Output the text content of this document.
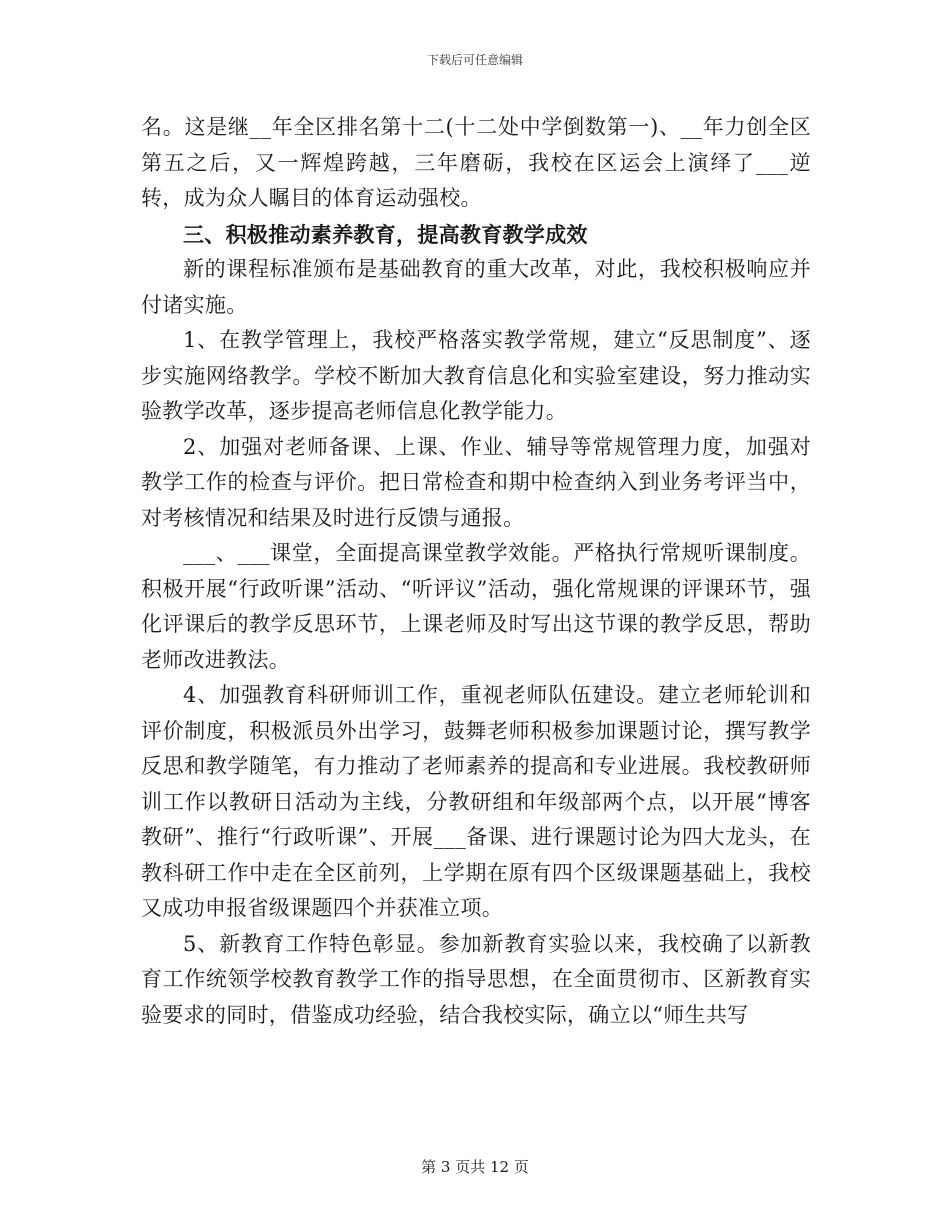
下载后可任意编辑

名。这是继__年全区排名第十二(十二处中学倒数第一)、__年力创全区第五之后，又一辉煌跨越，三年磨砺，我校在区运会上演绎了___逆转，成为众人瞩目的体育运动强校。

三、积极推动素养教育，提高教育教学成效

新的课程标准颁布是基础教育的重大改革，对此，我校积极响应并付诸实施。

1、在教学管理上，我校严格落实教学常规，建立“反思制度”、逐步实施网络教学。学校不断加大教育信息化和实验室建设，努力推动实验教学改革，逐步提高老师信息化教学能力。

2、加强对老师备课、上课、作业、辅导等常规管理力度，加强对教学工作的检查与评价。把日常检查和期中检查纳入到业务考评当中，对考核情况和结果及时进行反馈与通报。

___、___课堂，全面提高课堂教学效能。严格执行常规听课制度。积极开展“行政听课”活动、“听评议”活动，强化常规课的评课环节，强化评课后的教学反思环节，上课老师及时写出这节课的教学反思，帮助老师改进教法。

4、加强教育科研师训工作，重视老师队伍建设。建立老师轮训和评价制度，积极派员外出学习，鼓舞老师积极参加课题讨论，撰写教学反思和教学随笔，有力推动了老师素养的提高和专业进展。我校教研师训工作以教研日活动为主线，分教研组和年级部两个点，以开展“博客教研”、推行“行政听课”、开展___备课、进行课题讨论为四大龙头，在教科研工作中走在全区前列，上学期在原有四个区级课题基础上，我校又成功申报省级课题四个并获准立项。

5、新教育工作特色彰显。参加新教育实验以来，我校确了以新教育工作统领学校教育教学工作的指导思想，在全面贯彻市、区新教育实验要求的同时，借鉴成功经验，结合我校实际，确立以“师生共写

第 3 页共 12 页
